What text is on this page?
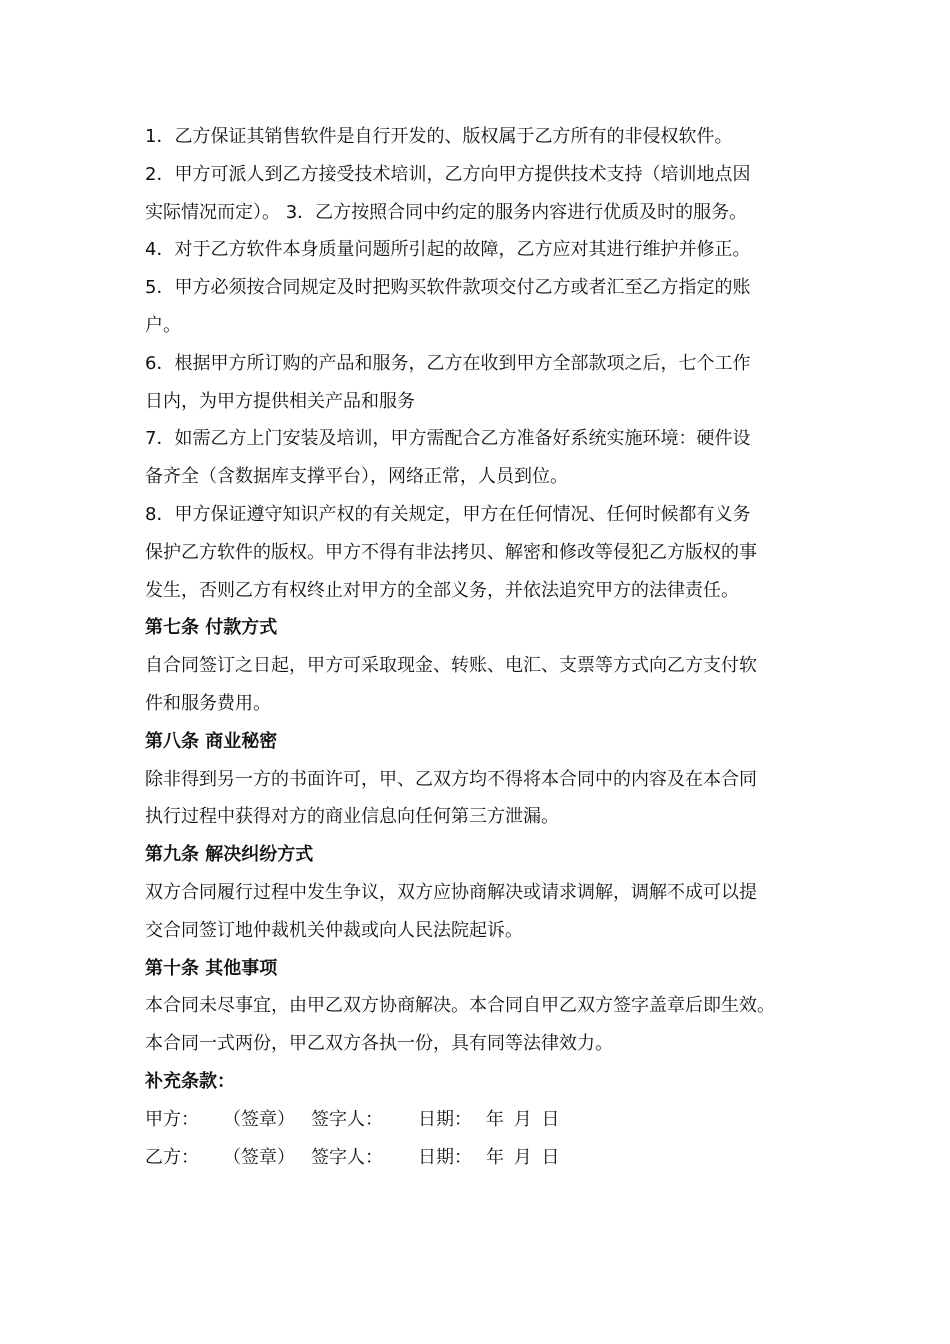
1．乙方保证其销售软件是自行开发的、版权属于乙方所有的非侵权软件。
2．甲方可派人到乙方接受技术培训，乙方向甲方提供技术支持（培训地点因
实际情况而定）。 3．乙方按照合同中约定的服务内容进行优质及时的服务。
4．对于乙方软件本身质量问题所引起的故障，乙方应对其进行维护并修正。
5．甲方必须按合同规定及时把购买软件款项交付乙方或者汇至乙方指定的账
户。
6．根据甲方所订购的产品和服务，乙方在收到甲方全部款项之后，七个工作
日内，为甲方提供相关产品和服务
7．如需乙方上门安装及培训，甲方需配合乙方准备好系统实施环境：硬件设
备齐全（含数据库支撑平台），网络正常，人员到位。
8．甲方保证遵守知识产权的有关规定，甲方在任何情况、任何时候都有义务
保护乙方软件的版权。甲方不得有非法拷贝、解密和修改等侵犯乙方版权的事
发生，否则乙方有权终止对甲方的全部义务，并依法追究甲方的法律责任。
第七条 付款方式
自合同签订之日起，甲方可采取现金、转账、电汇、支票等方式向乙方支付软
件和服务费用。
第八条 商业秘密
除非得到另一方的书面许可，甲、乙双方均不得将本合同中的内容及在本合同
执行过程中获得对方的商业信息向任何第三方泄漏。
第九条 解决纠纷方式
双方合同履行过程中发生争议，双方应协商解决或请求调解，调解不成可以提
交合同签订地仲裁机关仲裁或向人民法院起诉。
第十条 其他事项
本合同未尽事宜，由甲乙双方协商解决。本合同自甲乙双方签字盖章后即生效。
本合同一式两份，甲乙双方各执一份，具有同等法律效力。
补充条款：
甲方： （签章） 签字人： 日期： 年 月 日
乙方： （签章） 签字人： 日期： 年 月 日
